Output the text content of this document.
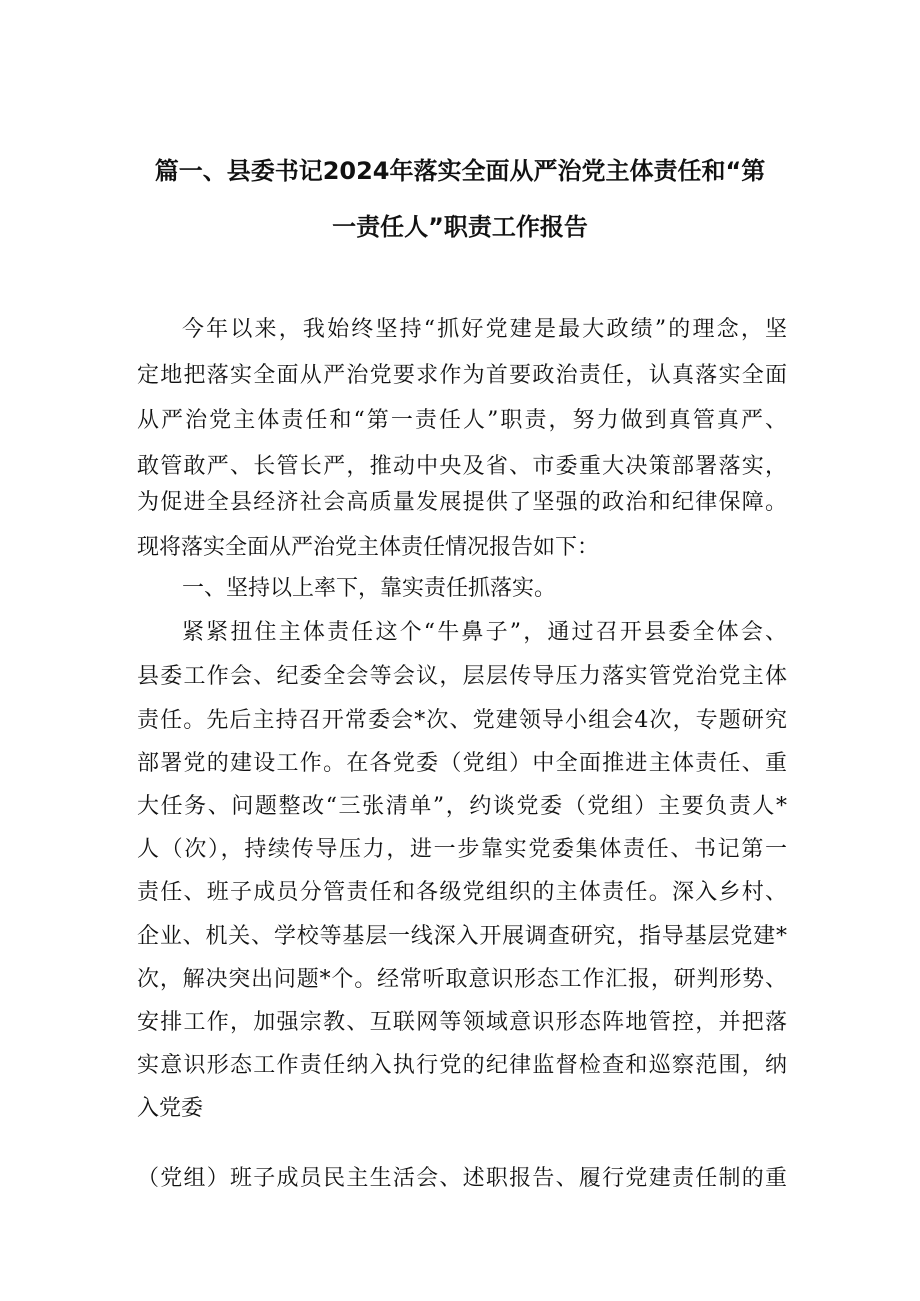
篇一、县委书记2024年落实全面从严治党主体责任和“第
一责任人”职责工作报告
今年以来，我始终坚持“抓好党建是最大政绩”的理念，坚
定地把落实全面从严治党要求作为首要政治责任，认真落实全面
从严治党主体责任和“第一责任人”职责，努力做到真管真严、
敢管敢严、长管长严，推动中央及省、市委重大决策部署落实，
为促进全县经济社会高质量发展提供了坚强的政治和纪律保障。
现将落实全面从严治党主体责任情况报告如下：
一、坚持以上率下，靠实责任抓落实。
紧紧扭住主体责任这个“牛鼻子”，通过召开县委全体会、
县委工作会、纪委全会等会议，层层传导压力落实管党治党主体
责任。先后主持召开常委会*次、党建领导小组会4次，专题研究
部署党的建设工作。在各党委（党组）中全面推进主体责任、重
大任务、问题整改“三张清单”，约谈党委（党组）主要负责人*
人（次），持续传导压力，进一步靠实党委集体责任、书记第一
责任、班子成员分管责任和各级党组织的主体责任。深入乡村、
企业、机关、学校等基层一线深入开展调查研究，指导基层党建*
次，解决突出问题*个。经常听取意识形态工作汇报，研判形势、
安排工作，加强宗教、互联网等领域意识形态阵地管控，并把落
实意识形态工作责任纳入执行党的纪律监督检查和巡察范围，纳
入党委
（党组）班子成员民主生活会、述职报告、履行党建责任制的重
